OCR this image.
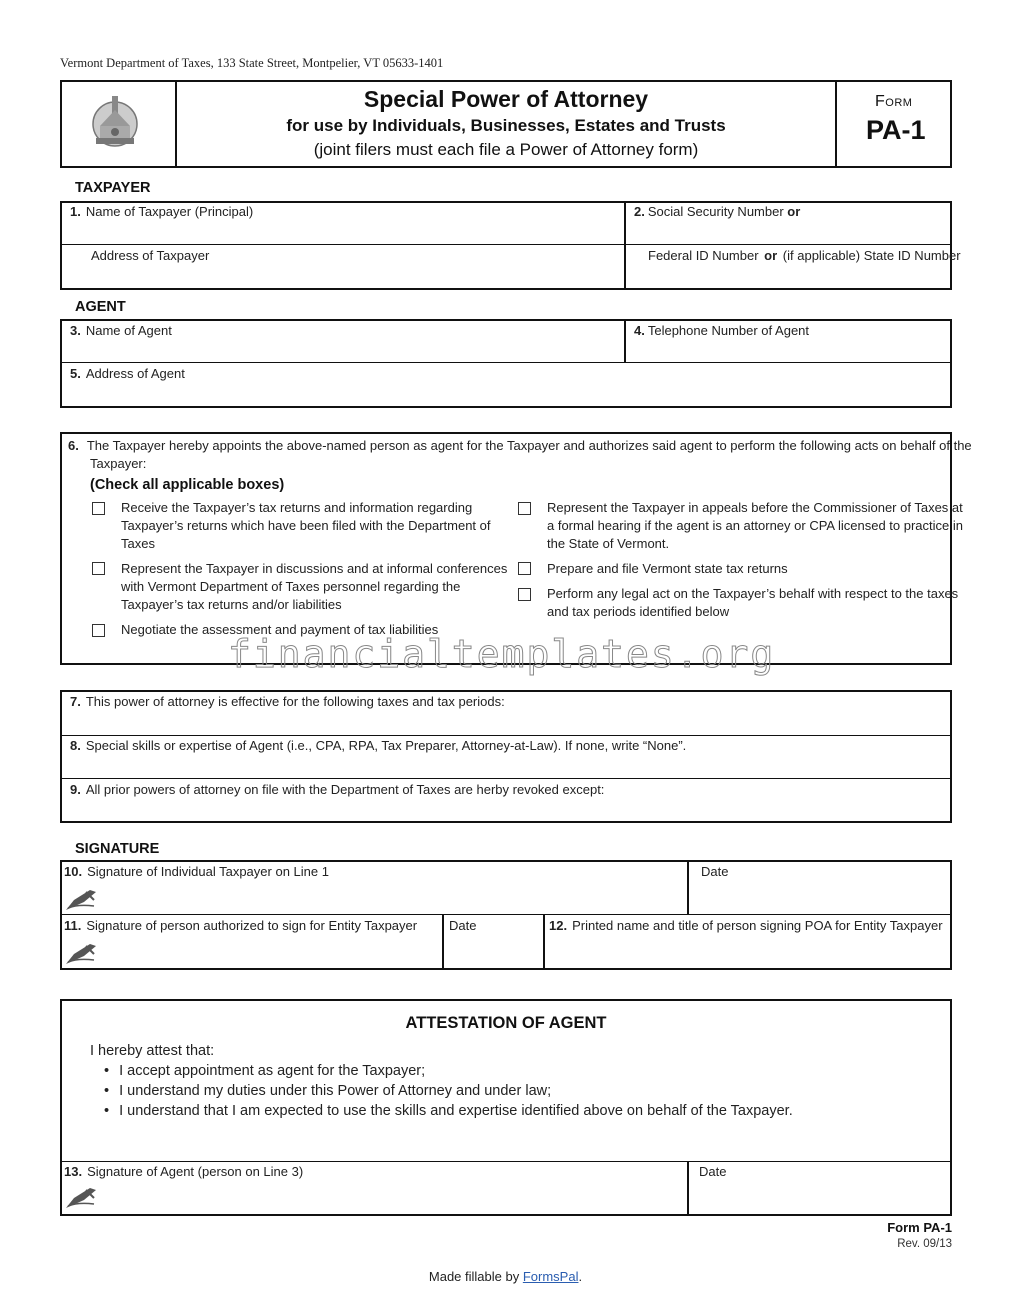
Vermont Department of Taxes, 133 State Street, Montpelier, VT 05633-1401
Special Power of Attorney
for use by Individuals, Businesses, Estates and Trusts
(joint filers must each file a Power of Attorney form)
Form
PA-1
TAXPAYER
1. Name of Taxpayer (Principal)	2. Social Security Number or
Address of Taxpayer	Federal ID Number or (if applicable) State ID Number
AGENT
3. Name of Agent	4. Telephone Number of Agent
5. Address of Agent
6. The Taxpayer hereby appoints the above-named person as agent for the Taxpayer and authorizes said agent to perform the following acts on behalf of the
Taxpayer:
(Check all applicable boxes)
Receive the Taxpayer’s tax returns and information regarding
Taxpayer’s returns which have been filed with the Department of
Taxes
Represent the Taxpayer in discussions and at informal conferences
with Vermont Department of Taxes personnel regarding the
Taxpayer’s tax returns and/or liabilities
Negotiate the assessment and payment of tax liabilities
Represent the Taxpayer in appeals before the Commissioner of Taxes at
a formal hearing if the agent is an attorney or CPA licensed to practice in
the State of Vermont.
Prepare and file Vermont state tax returns
Perform any legal act on the Taxpayer’s behalf with respect to the taxes
and tax periods identified below
financialtemplates.org
7. This power of attorney is effective for the following taxes and tax periods:
8. Special skills or expertise of Agent (i.e., CPA, RPA, Tax Preparer, Attorney-at-Law). If none, write “None”.
9. All prior powers of attorney on file with the Department of Taxes are herby revoked except:
SIGNATURE
10. Signature of Individual Taxpayer on Line 1	Date
11. Signature of person authorized to sign for Entity Taxpayer Date	12. Printed name and title of person signing POA for Entity Taxpayer
ATTESTATION OF AGENT
I hereby attest that:
• I accept appointment as agent for the Taxpayer;
• I understand my duties under this Power of Attorney and under law;
• I understand that I am expected to use the skills and expertise identified above on behalf of the Taxpayer.
13. Signature of Agent (person on Line 3)	Date
Form PA-1
Rev. 09/13
Made fillable by FormsPal.
